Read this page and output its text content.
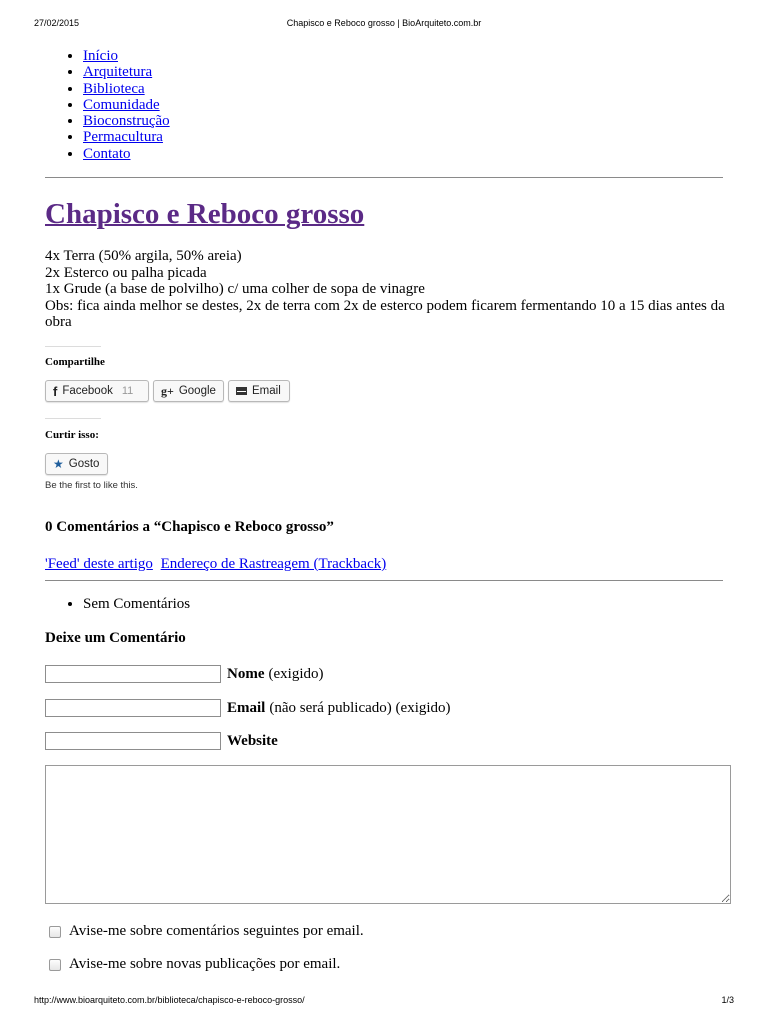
27/02/2015	Chapisco e Reboco grosso | BioArquiteto.com.br
• Início
• Arquitetura
• Biblioteca
• Comunidade
• Bioconstrução
• Permacultura
• Contato
Chapisco e Reboco grosso

4x Terra (50% argila, 50% areia)

2x Esterco ou palha picada

1x Grude (a base de polvilho) c/ uma colher de sopa de vinagre

Obs: fica ainda melhor se destes, 2x de terra com 2x de esterco podem ficarem fermentando 10 a 15 dias antes da obra

Compartilhe
f Facebook 11 g+ Google	Email
Curtir isso:
★ Gosto
Be the first to like this.
0 Comentários a “Chapisco e Reboco grosso”
'Feed' deste artigo Endereço de Rastreagem (Trackback)
• Sem Comentários
Deixe um Comentário
Nome (exigido)
Email (não será publicado) (exigido)
Website
Avise-me sobre comentários seguintes por email.
Avise-me sobre novas publicações por email.
http://www.bioarquiteto.com.br/biblioteca/chapisco-e-reboco-grosso/	1/3
